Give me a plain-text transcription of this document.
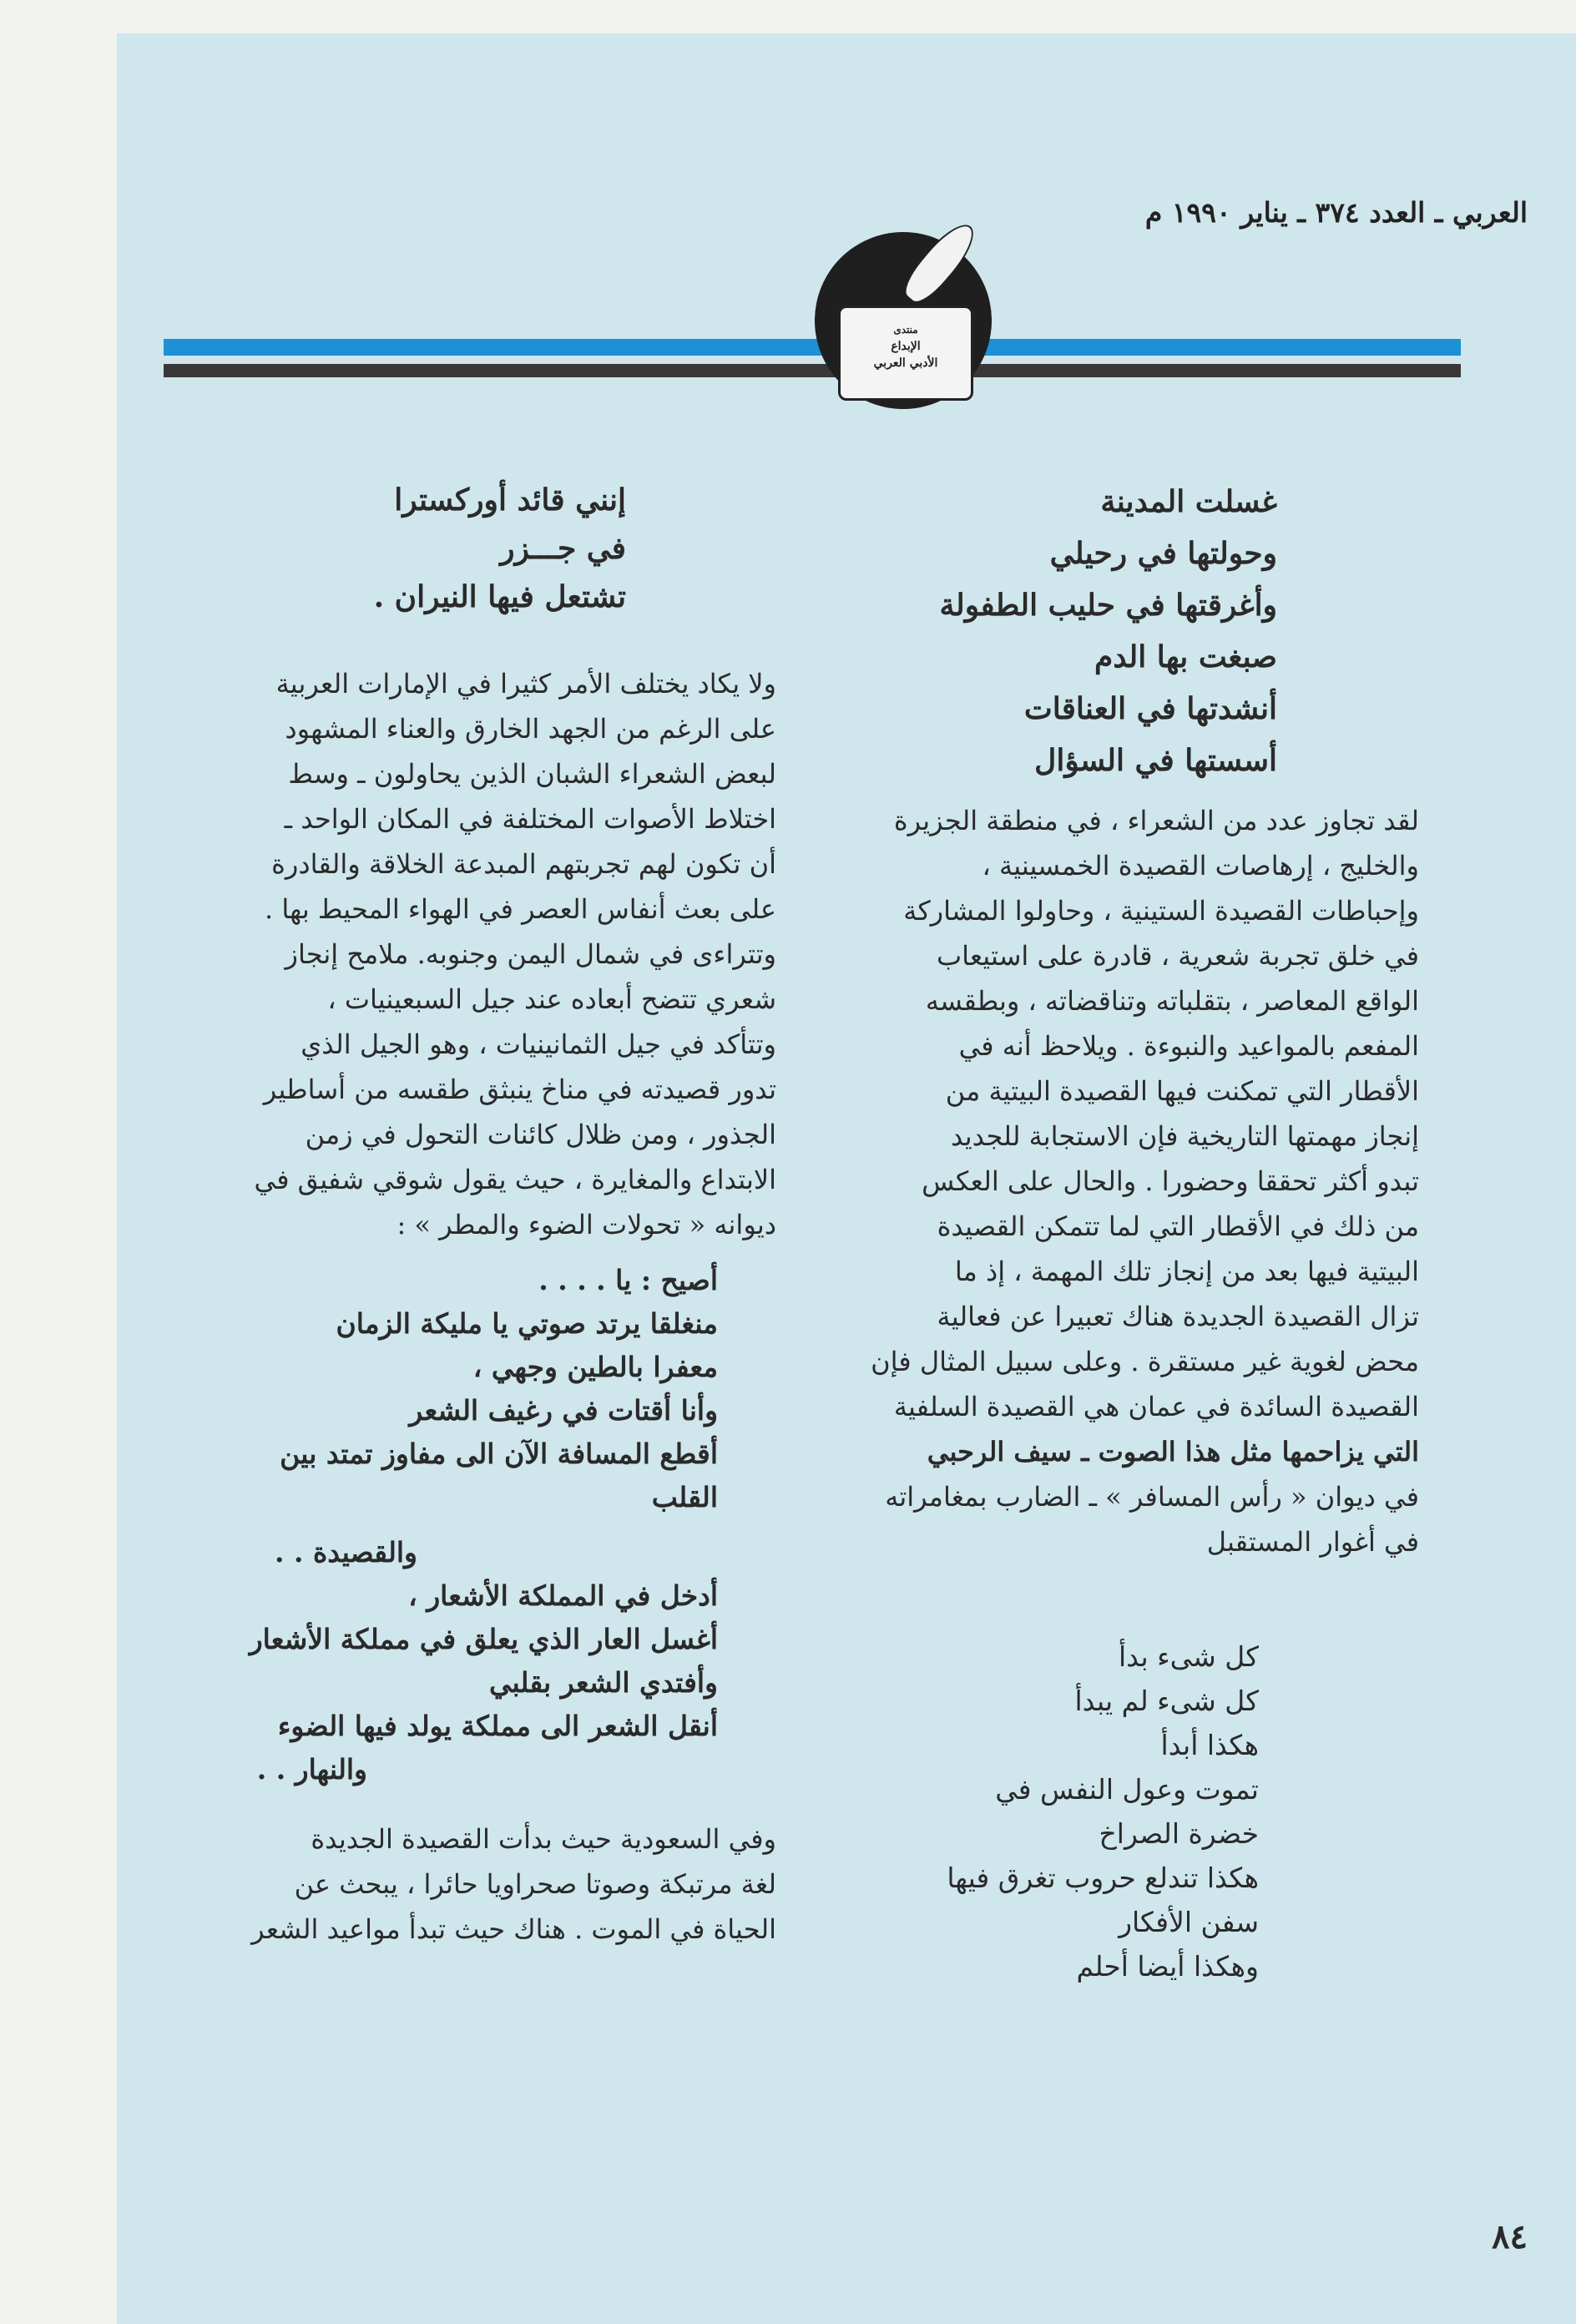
العربي ـ العدد ٣٧٤ ـ يناير ١٩٩٠ م
منتدى
الإبداع
الأدبي العربي
غسلت المدينة
وحولتها في رحيلي
وأغرقتها في حليب الطفولة
صبغت بها الدم
أنشدتها في العناقات
أسستها في السؤال
لقد تجاوز عدد من الشعراء ، في منطقة الجزيرة
والخليج ، إرهاصات القصيدة الخمسينية ،
وإحباطات القصيدة الستينية ، وحاولوا المشاركة
في خلق تجربة شعرية ، قادرة على استيعاب
الواقع المعاصر ، بتقلباته وتناقضاته ، وبطقسه
المفعم بالمواعيد والنبوءة . ويلاحظ أنه في
الأقطار التي تمكنت فيها القصيدة البيتية من
إنجاز مهمتها التاريخية فإن الاستجابة للجديد
تبدو أكثر تحققا وحضورا . والحال على العكس
من ذلك في الأقطار التي لما تتمكن القصيدة
البيتية فيها بعد من إنجاز تلك المهمة ، إذ ما
تزال القصيدة الجديدة هناك تعبيرا عن فعالية
محض لغوية غير مستقرة . وعلى سبيل المثال فإن
القصيدة السائدة في عمان هي القصيدة السلفية
التي يزاحمها مثل هذا الصوت ـ سيف الرحبي
في ديوان « رأس المسافر » ـ الضارب بمغامراته
في أغوار المستقبل
كل شىء بدأ
كل شىء لم يبدأ
هكذا أبدأ
تموت وعول النفس في
خضرة الصراخ
هكذا تندلع حروب تغرق فيها
سفن الأفكار
وهكذا أيضا أحلم
إنني قائد أوركسترا
في جـــزر
تشتعل فيها النيران .
ولا يكاد يختلف الأمر كثيرا في الإمارات العربية
على الرغم من الجهد الخارق والعناء المشهود
لبعض الشعراء الشبان الذين يحاولون ـ وسط
اختلاط الأصوات المختلفة في المكان الواحد ـ
أن تكون لهم تجربتهم المبدعة الخلاقة والقادرة
على بعث أنفاس العصر في الهواء المحيط بها .
وتتراءى في شمال اليمن وجنوبه. ملامح إنجاز
شعري تتضح أبعاده عند جيل السبعينيات ،
وتتأكد في جيل الثمانينيات ، وهو الجيل الذي
تدور قصيدته في مناخ ينبثق طقسه من أساطير
الجذور ، ومن ظلال كائنات التحول في زمن
الابتداع والمغايرة ، حيث يقول شوقي شفيق في
ديوانه « تحولات الضوء والمطر » :
أصيح : يا . . . .
منغلقا يرتد صوتي يا مليكة الزمان
معفرا بالطين وجهي ،
وأنا أقتات في رغيف الشعر
أقطع المسافة الآن الى مفاوز تمتد بين
القلب
والقصيدة . .
أدخل في المملكة الأشعار ،
أغسل العار الذي يعلق في مملكة الأشعار
وأفتدي الشعر بقلبي
أنقل الشعر الى مملكة يولد فيها الضوء
والنهار . .
وفي السعودية حيث بدأت القصيدة الجديدة
لغة مرتبكة وصوتا صحراويا حائرا ، يبحث عن
الحياة في الموت . هناك حيث تبدأ مواعيد الشعر
٨٤
